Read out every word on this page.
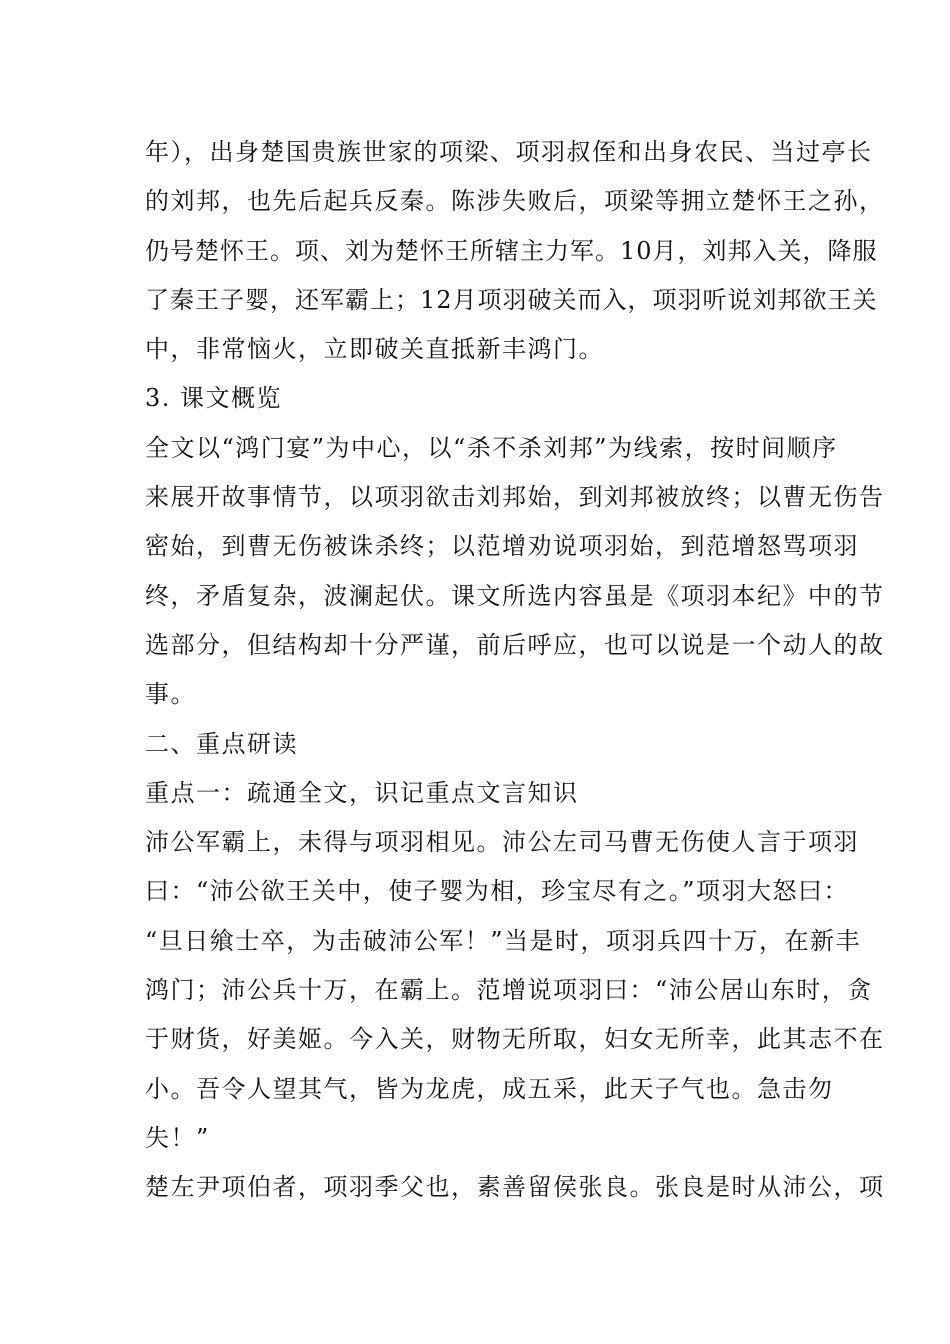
年），出身楚国贵族世家的项梁、项羽叔侄和出身农民、当过亭长
的刘邦，也先后起兵反秦。陈涉失败后，项梁等拥立楚怀王之孙，
仍号楚怀王。项、刘为楚怀王所辖主力军。10月，刘邦入关，降服
了秦王子婴，还军霸上；12月项羽破关而入，项羽听说刘邦欲王关
中，非常恼火，立即破关直抵新丰鸿门。
3. 课文概览
全文以“鸿门宴”为中心，以“杀不杀刘邦”为线索，按时间顺序
来展开故事情节，以项羽欲击刘邦始，到刘邦被放终；以曹无伤告
密始，到曹无伤被诛杀终；以范增劝说项羽始，到范增怒骂项羽
终，矛盾复杂，波澜起伏。课文所选内容虽是《项羽本纪》中的节
选部分，但结构却十分严谨，前后呼应，也可以说是一个动人的故
事。
二、重点研读
重点一：疏通全文，识记重点文言知识
沛公军霸上，未得与项羽相见。沛公左司马曹无伤使人言于项羽
曰：“沛公欲王关中，使子婴为相，珍宝尽有之。”项羽大怒曰：
“旦日飨士卒，为击破沛公军！”当是时，项羽兵四十万，在新丰
鸿门；沛公兵十万，在霸上。范增说项羽曰：“沛公居山东时，贪
于财货，好美姬。今入关，财物无所取，妇女无所幸，此其志不在
小。吾令人望其气，皆为龙虎，成五采，此天子气也。急击勿
失！”
楚左尹项伯者，项羽季父也，素善留侯张良。张良是时从沛公，项
